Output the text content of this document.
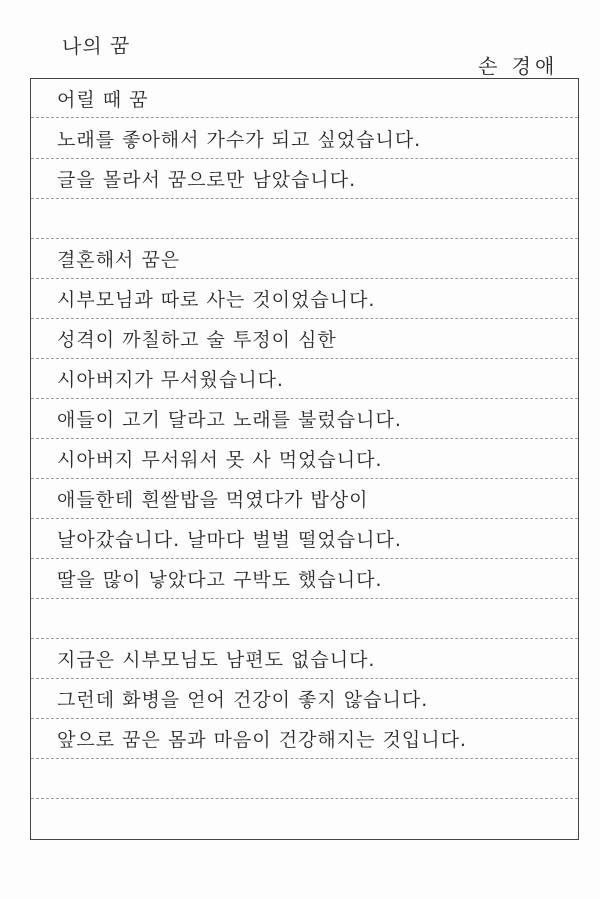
나의 꿈
손 경애
어릴 때 꿈
노래를 좋아해서 가수가 되고 싶었습니다.
글을 몰라서 꿈으로만 남았습니다.
결혼해서 꿈은
시부모님과 따로 사는 것이었습니다.
성격이 까칠하고 술 투정이 심한
시아버지가 무서웠습니다.
애들이 고기 달라고 노래를 불렀습니다.
시아버지 무서워서 못 사 먹었습니다.
애들한테 흰쌀밥을 먹였다가 밥상이
날아갔습니다. 날마다 벌벌 떨었습니다.
딸을 많이 낳았다고 구박도 했습니다.
지금은 시부모님도 남편도 없습니다.
그런데 화병을 얻어 건강이 좋지 않습니다.
앞으로 꿈은 몸과 마음이 건강해지는 것입니다.
